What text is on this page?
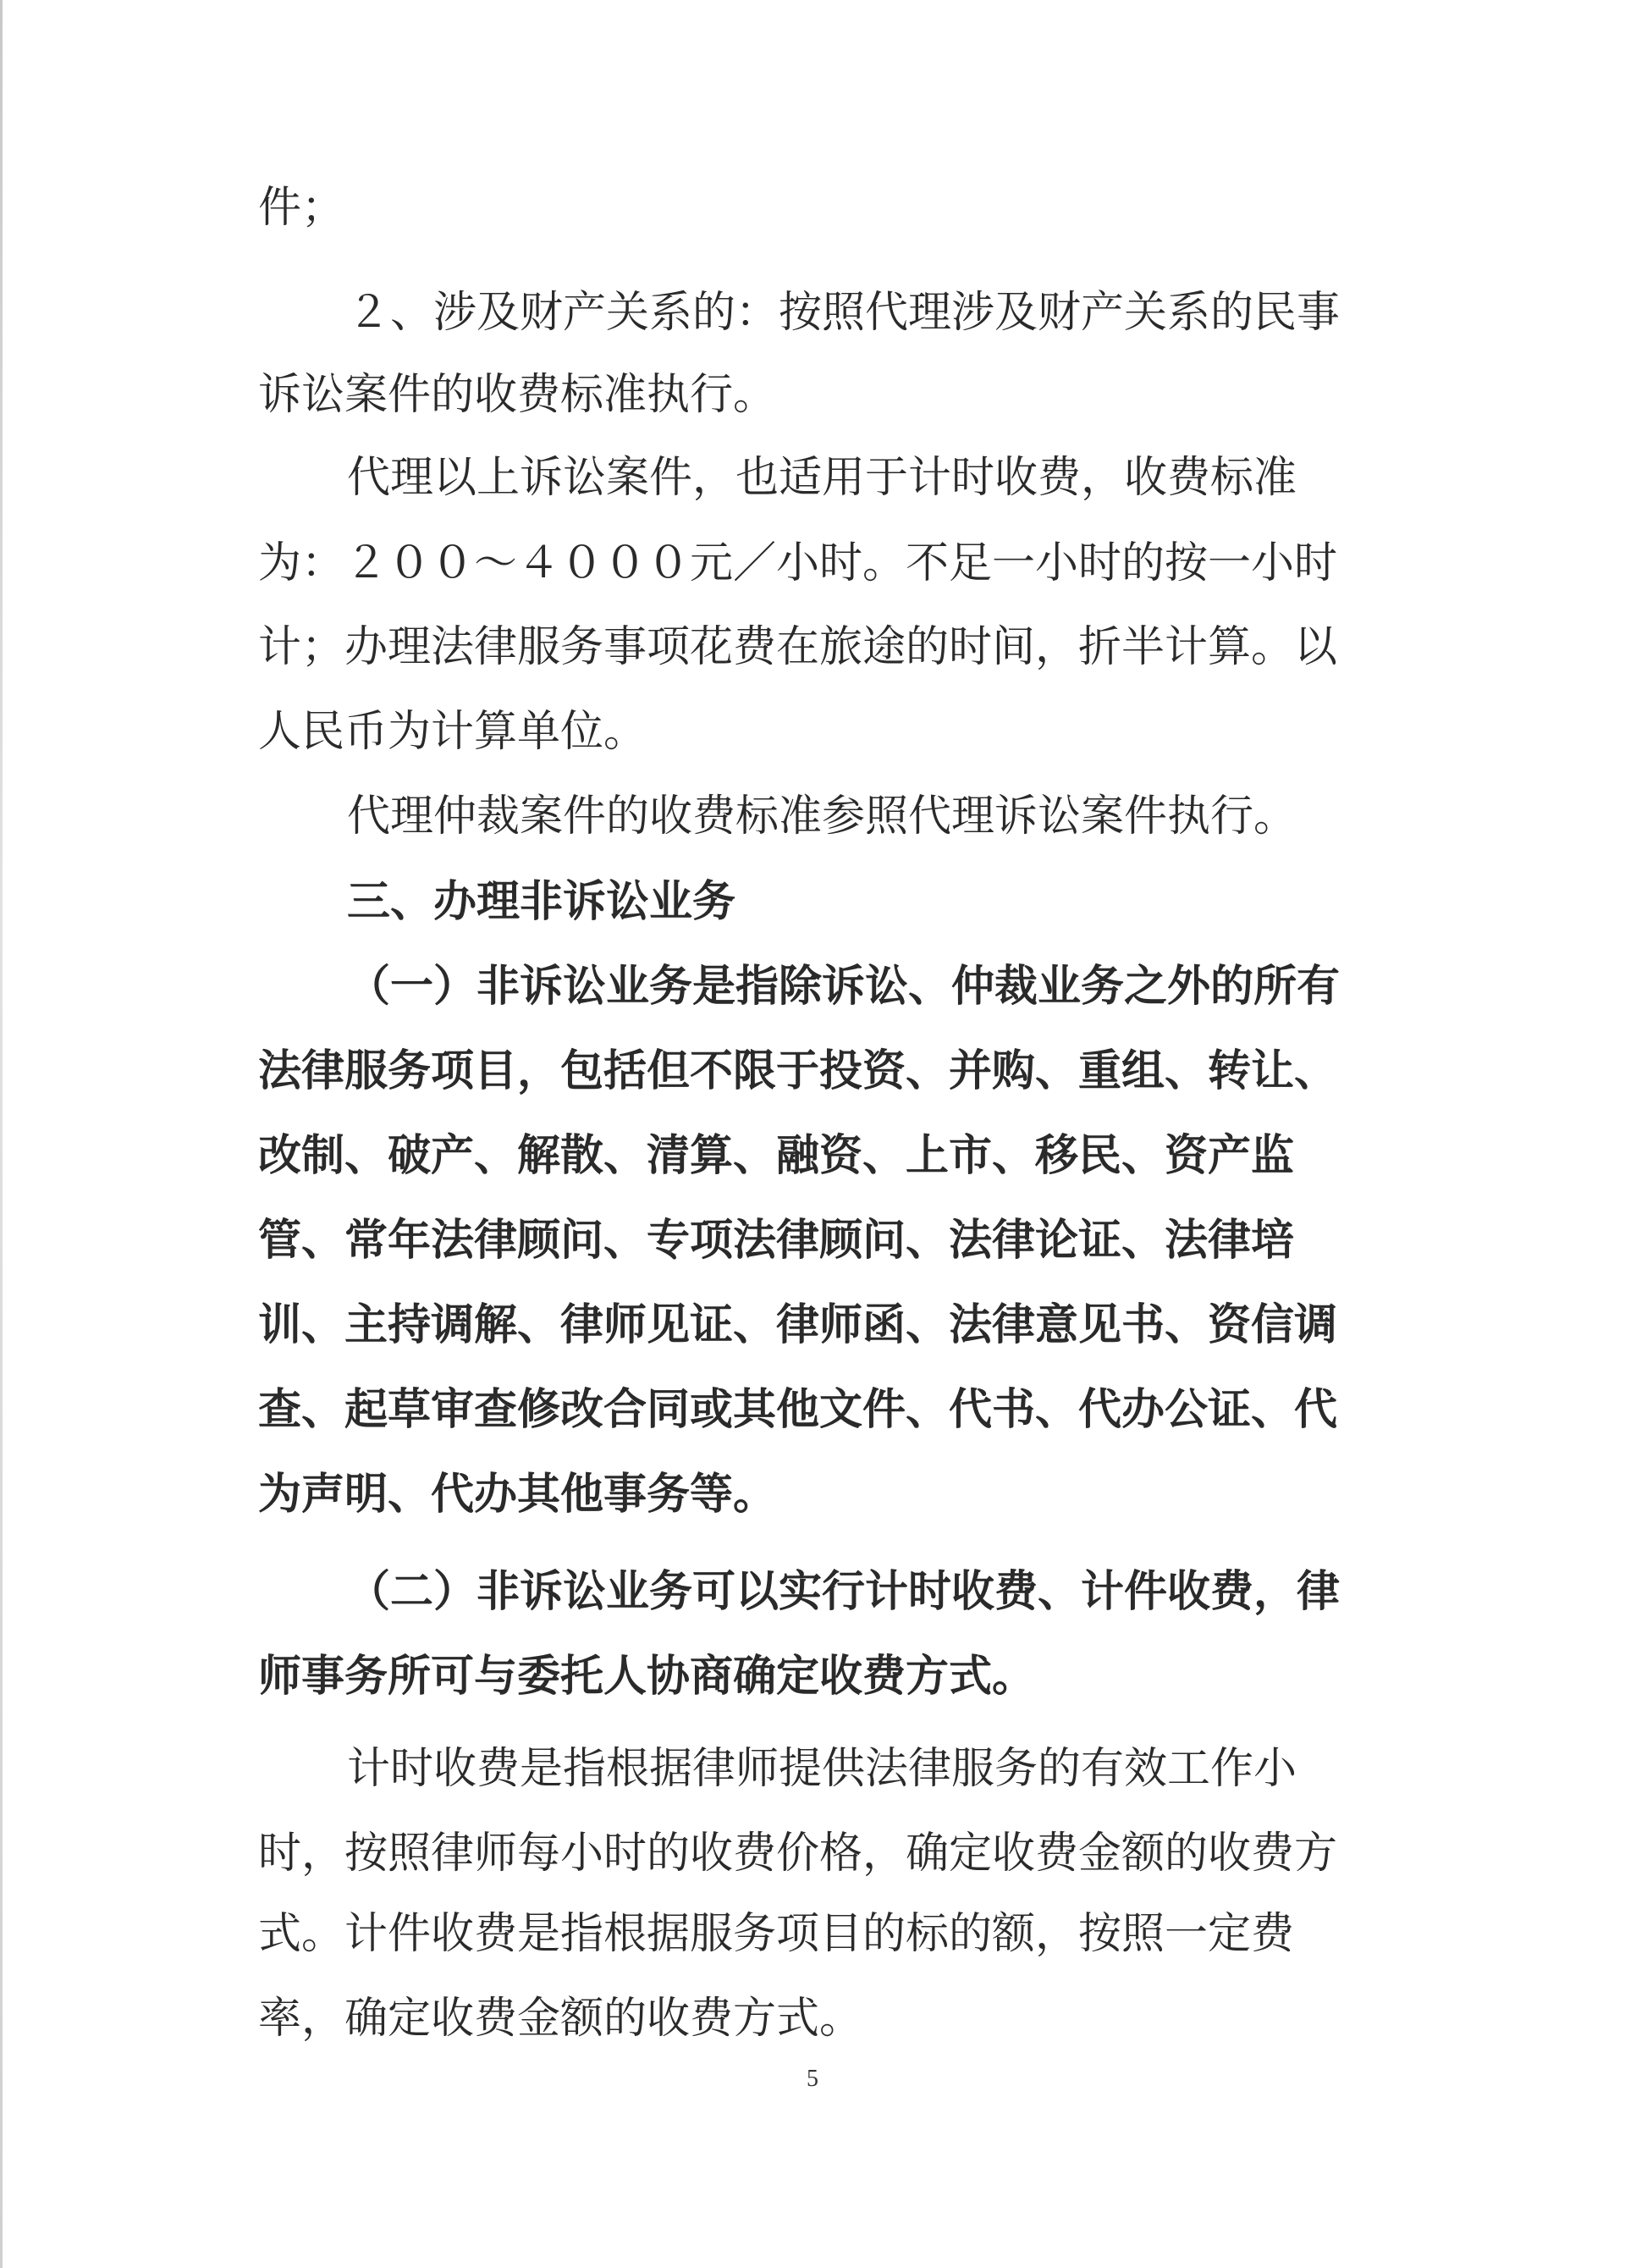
件；
２、涉及财产关系的：按照代理涉及财产关系的民事
诉讼案件的收费标准执行。
代理以上诉讼案件，也适用于计时收费，收费标准
为：２００～４０００元／小时。不足一小时的按一小时
计；办理法律服务事项花费在旅途的时间，折半计算。以
人民币为计算单位。
代理仲裁案件的收费标准参照代理诉讼案件执行。
三、办理非诉讼业务
（一）非诉讼业务是指除诉讼、仲裁业务之外的所有
法律服务项目，包括但不限于投资、并购、重组、转让、
改制、破产、解散、清算、融资、上市、移民、资产监
管、常年法律顾问、专项法律顾问、法律论证、法律培
训、主持调解、律师见证、律师函、法律意见书、资信调
查、起草审查修改合同或其他文件、代书、代办公证、代
为声明、代办其他事务等。
（二）非诉讼业务可以实行计时收费、计件收费，律
师事务所可与委托人协商确定收费方式。
计时收费是指根据律师提供法律服务的有效工作小
时，按照律师每小时的收费价格，确定收费金额的收费方
式。计件收费是指根据服务项目的标的额，按照一定费
率，确定收费金额的收费方式。
5
